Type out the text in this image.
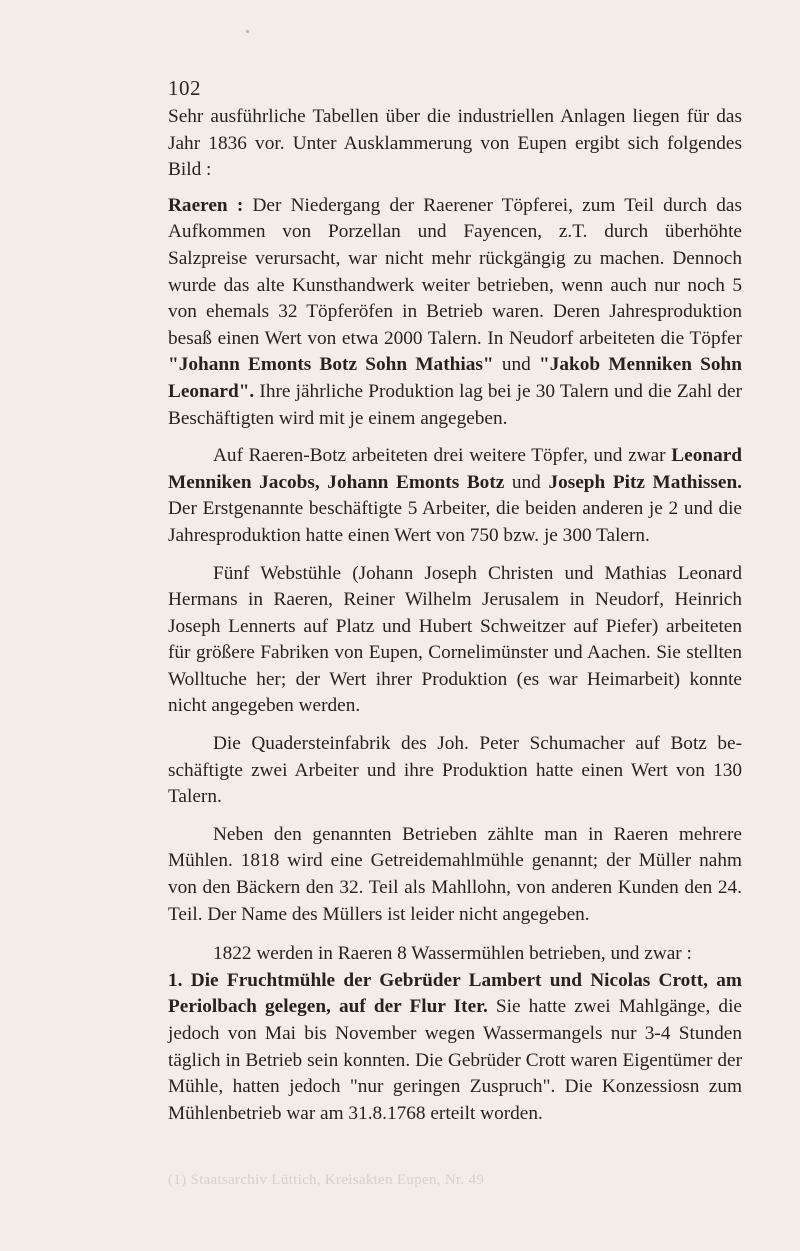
102

Sehr ausführliche Tabellen über die industriellen Anlagen liegen für das Jahr 1836 vor. Unter Ausklammerung von Eupen ergibt sich folgendes Bild :

Raeren : Der Niedergang der Raerener Töpferei, zum Teil durch das Aufkommen von Porzellan und Fayencen, z.T. durch überhöhte Salzpreise verursacht, war nicht mehr rückgängig zu machen. Dennoch wurde das alte Kunsthandwerk weiter betrieben, wenn auch nur noch 5 von ehemals 32 Töpferöfen in Betrieb waren. Deren Jahresproduktion besaß einen Wert von etwa 2000 Talern. In Neudorf arbeiteten die Töpfer "Johann Emonts Botz Sohn Mathias" und "Jakob Menniken Sohn Leonard". Ihre jährliche Produktion lag bei je 30 Talern und die Zahl der Beschäftigten wird mit je einem angegeben.

Auf Raeren-Botz arbeiteten drei weitere Töpfer, und zwar Leonard Menniken Jacobs, Johann Emonts Botz und Joseph Pitz Mathissen. Der Erstgenannte beschäftigte 5 Arbeiter, die beiden anderen je 2 und die Jahresproduktion hatte einen Wert von 750 bzw. je 300 Talern.

Fünf Webstühle (Johann Joseph Christen und Mathias Leonard Hermans in Raeren, Reiner Wilhelm Jerusalem in Neudorf, Heinrich Joseph Lennerts auf Platz und Hubert Schweitzer auf Piefer) arbeiteten für größere Fabriken von Eupen, Cornelimünster und Aachen. Sie stellten Wolltuche her; der Wert ihrer Produktion (es war Heimarbeit) konnte nicht angegeben werden.

Die Quadersteinfabrik des Joh. Peter Schumacher auf Botz beschäftigte zwei Arbeiter und ihre Produktion hatte einen Wert von 130 Talern.

Neben den genannten Betrieben zählte man in Raeren mehrere Mühlen. 1818 wird eine Getreidemahlmühle genannt; der Müller nahm von den Bäckern den 32. Teil als Mahllohn, von anderen Kunden den 24. Teil. Der Name des Müllers ist leider nicht angegeben.

1822 werden in Raeren 8 Wassermühlen betrieben, und zwar :

1. Die Fruchtmühle der Gebrüder Lambert und Nicolas Crott, am Periolbach gelegen, auf der Flur Iter. Sie hatte zwei Mahlgänge, die jedoch von Mai bis November wegen Wassermangels nur 3-4 Stunden täglich in Betrieb sein konnten. Die Gebrüder Crott waren Eigentümer der Mühle, hatten jedoch "nur geringen Zuspruch". Die Konzessiosn zum Mühlenbetrieb war am 31.8.1768 erteilt worden.

(1) Staatsarchiv Lüttich, Kreisakten Eupen, Nr. 49
